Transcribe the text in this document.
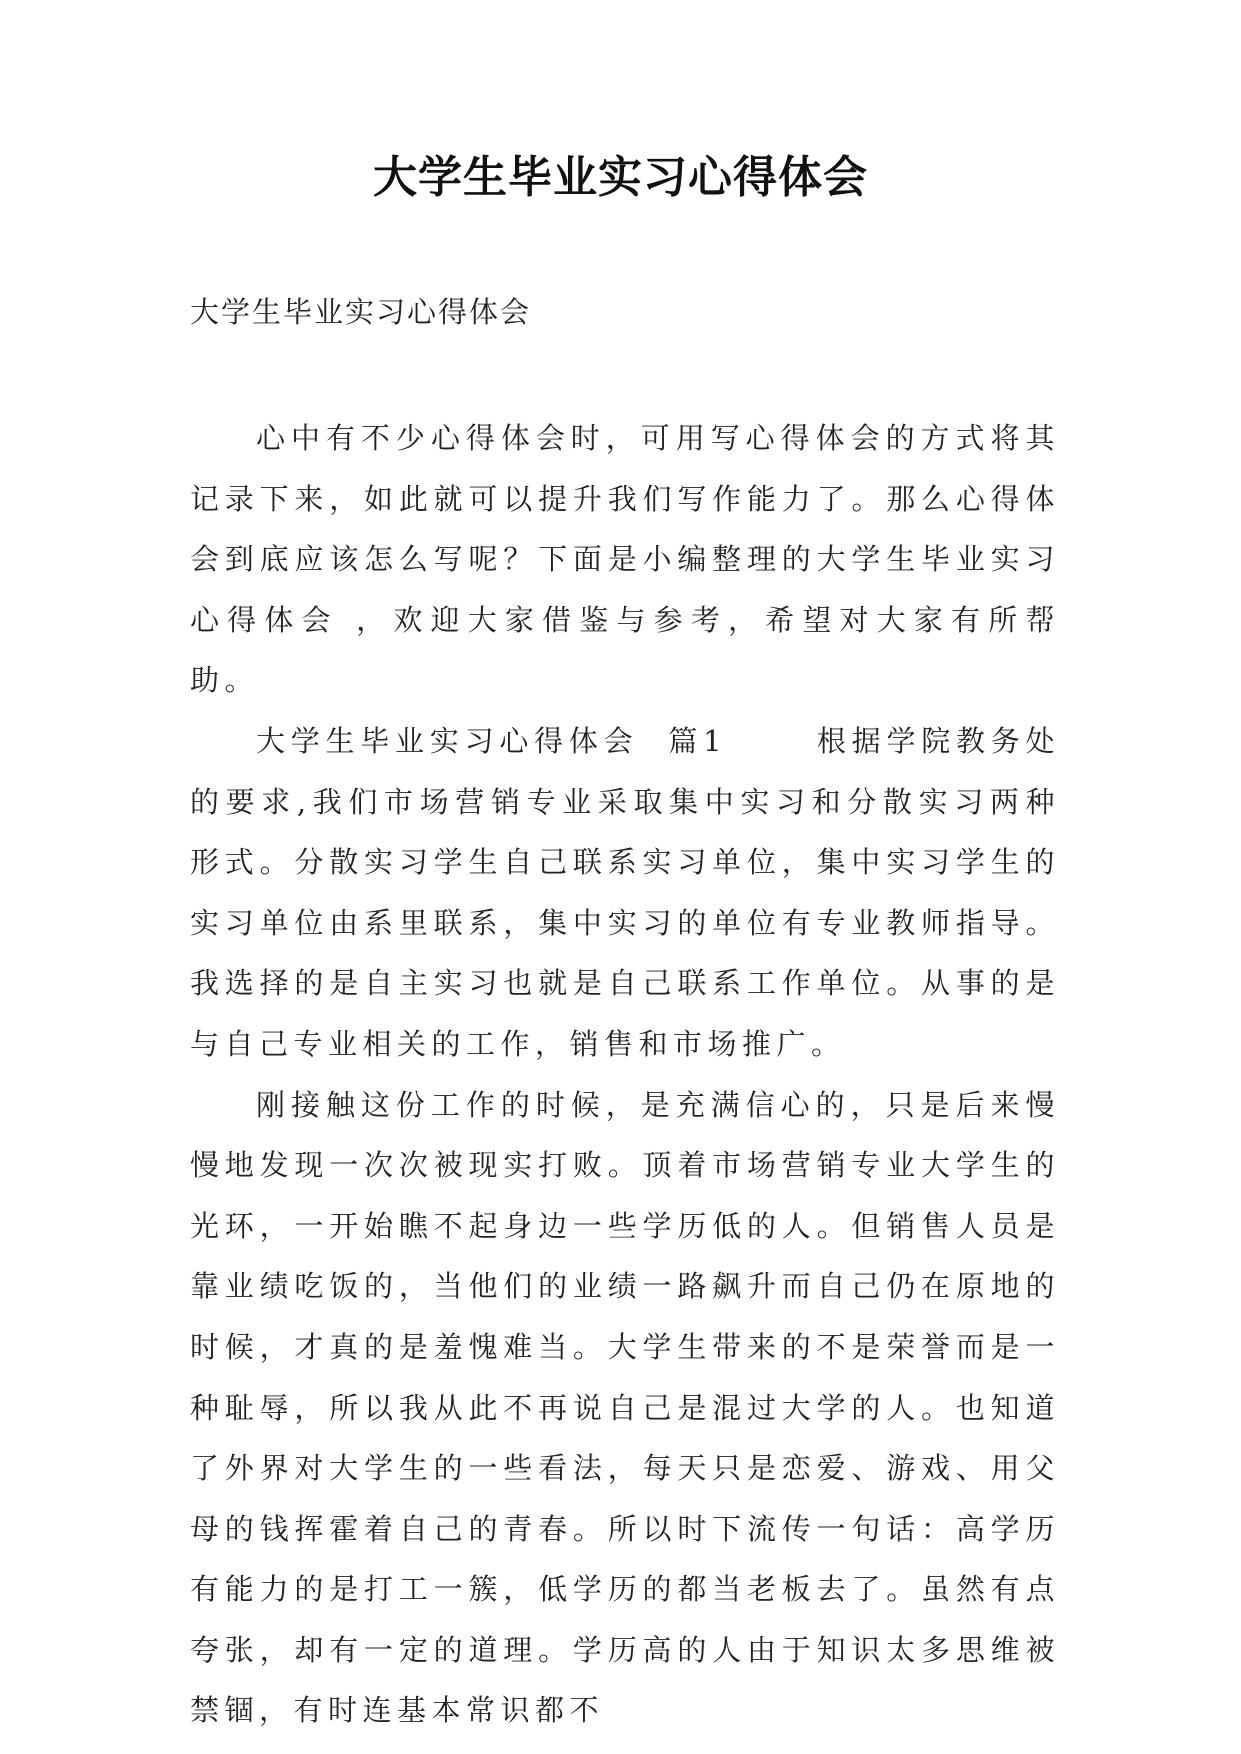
大学生毕业实习心得体会

大学生毕业实习心得体会

心中有不少心得体会时，可用写心得体会的方式将其记录下来，如此就可以提升我们写作能力了。那么心得体会到底应该怎么写呢？下面是小编整理的大学生毕业实习心得体会 ，欢迎大家借鉴与参考，希望对大家有所帮助。

大学生毕业实习心得体会  篇1      根据学院教务处的要求,我们市场营销专业采取集中实习和分散实习两种形式。分散实习学生自己联系实习单位，集中实习学生的实习单位由系里联系，集中实习的单位有专业教师指导。我选择的是自主实习也就是自己联系工作单位。从事的是与自己专业相关的工作，销售和市场推广。

刚接触这份工作的时候，是充满信心的，只是后来慢慢地发现一次次被现实打败。顶着市场营销专业大学生的光环，一开始瞧不起身边一些学历低的人。但销售人员是靠业绩吃饭的，当他们的业绩一路飙升而自己仍在原地的时候，才真的是羞愧难当。大学生带来的不是荣誉而是一种耻辱，所以我从此不再说自己是混过大学的人。也知道了外界对大学生的一些看法，每天只是恋爱、游戏、用父母的钱挥霍着自己的青春。所以时下流传一句话：高学历有能力的是打工一簇，低学历的都当老板去了。虽然有点夸张，却有一定的道理。学历高的人由于知识太多思维被禁锢，有时连基本常识都不
